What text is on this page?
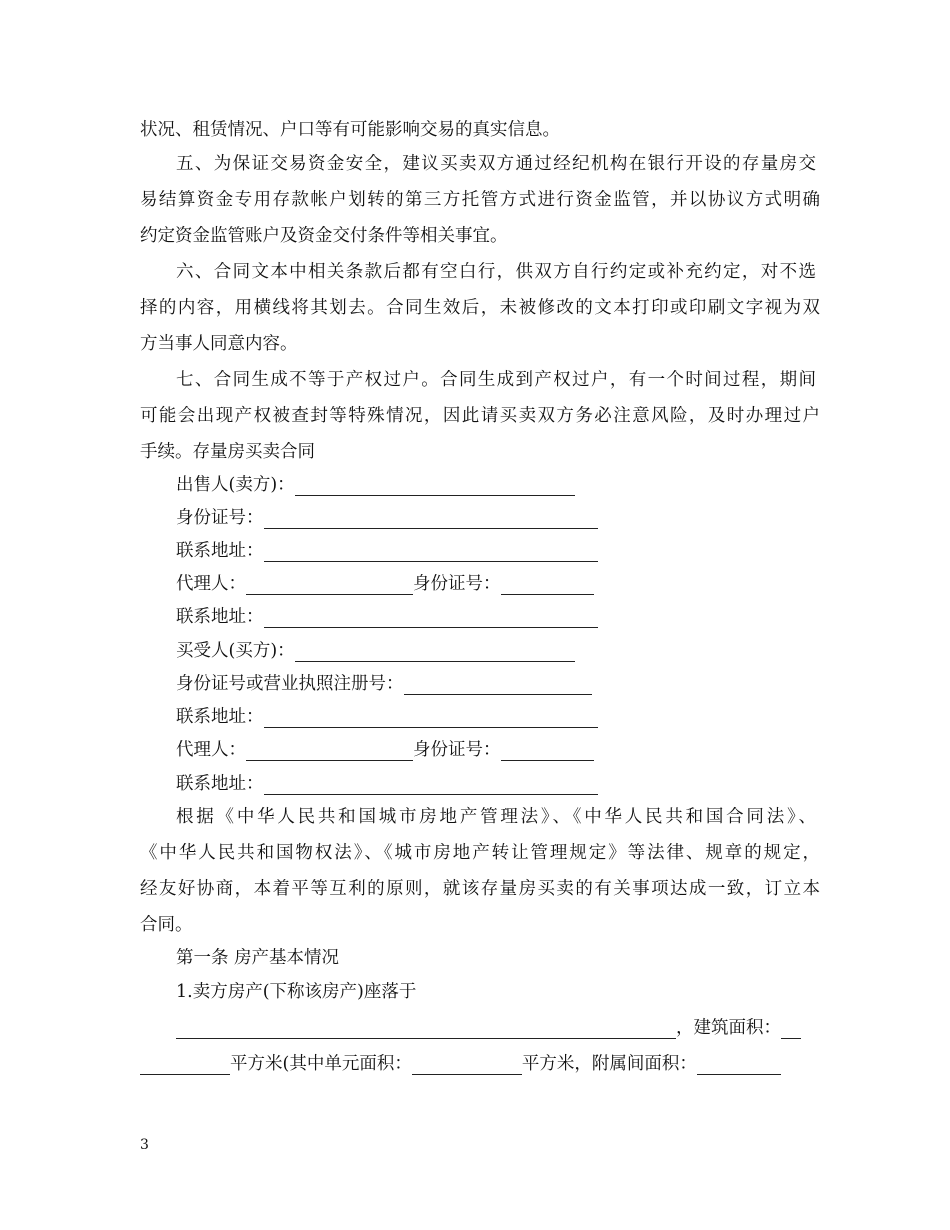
状况、租赁情况、户口等有可能影响交易的真实信息。
五、为保证交易资金安全，建议买卖双方通过经纪机构在银行开设的存量房交
易结算资金专用存款帐户划转的第三方托管方式进行资金监管，并以协议方式明确
约定资金监管账户及资金交付条件等相关事宜。
六、合同文本中相关条款后都有空白行，供双方自行约定或补充约定，对不选
择的内容，用横线将其划去。合同生效后，未被修改的文本打印或印刷文字视为双
方当事人同意内容。
七、合同生成不等于产权过户。合同生成到产权过户，有一个时间过程，期间
可能会出现产权被查封等特殊情况，因此请买卖双方务必注意风险，及时办理过户
手续。存量房买卖合同
出售人(卖方)：
身份证号：
联系地址：
代理人：	身份证号：
联系地址：
买受人(买方)：
身份证号或营业执照注册号：
联系地址：
代理人：	身份证号：
联系地址：
根据《中华人民共和国城市房地产管理法》、《中华人民共和国合同法》、
《中华人民共和国物权法》、《城市房地产转让管理规定》等法律、规章的规定，
经友好协商，本着平等互利的原则，就该存量房买卖的有关事项达成一致，订立本
合同。
第一条 房产基本情况
1.卖方房产(下称该房产)座落于
，建筑面积：
平方米(其中单元面积：	平方米，附属间面积：
3
